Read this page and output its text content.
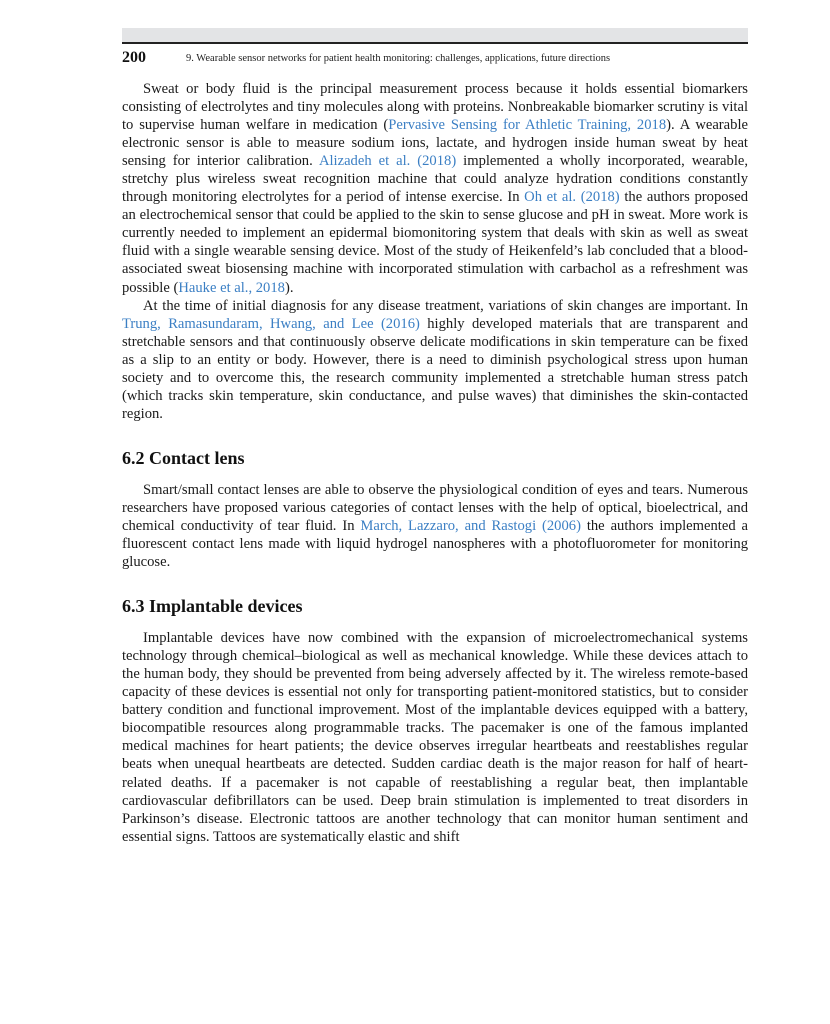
200	9. Wearable sensor networks for patient health monitoring: challenges, applications, future directions

Sweat or body fluid is the principal measurement process because it holds essential biomarkers consisting of electrolytes and tiny molecules along with proteins. Nonbreakable biomarker scrutiny is vital to supervise human welfare in medication (Pervasive Sensing for Athletic Training, 2018). A wearable electronic sensor is able to measure sodium ions, lactate, and hydrogen inside human sweat by heat sensing for interior calibration. Alizadeh et al. (2018) implemented a wholly incorporated, wearable, stretchy plus wireless sweat recognition machine that could analyze hydration conditions constantly through monitoring electrolytes for a period of intense exercise. In Oh et al. (2018) the authors proposed an electrochemical sensor that could be applied to the skin to sense glucose and pH in sweat. More work is currently needed to implement an epidermal biomonitoring system that deals with skin as well as sweat fluid with a single wearable sensing device. Most of the study of Heikenfeld’s lab concluded that a blood-associated sweat biosensing machine with incorporated stimulation with carbachol as a refreshment was possible (Hauke et al., 2018).

At the time of initial diagnosis for any disease treatment, variations of skin changes are important. In Trung, Ramasundaram, Hwang, and Lee (2016) highly developed materials that are transparent and stretchable sensors and that continuously observe delicate modifications in skin temperature can be fixed as a slip to an entity or body. However, there is a need to diminish psychological stress upon human society and to overcome this, the research community implemented a stretchable human stress patch (which tracks skin temperature, skin conductance, and pulse waves) that diminishes the skin-contacted region.

6.2 Contact lens

Smart/small contact lenses are able to observe the physiological condition of eyes and tears. Numerous researchers have proposed various categories of contact lenses with the help of optical, bioelectrical, and chemical conductivity of tear fluid. In March, Lazzaro, and Rastogi (2006) the authors implemented a fluorescent contact lens made with liquid hydrogel nanospheres with a photofluorometer for monitoring glucose.

6.3 Implantable devices

Implantable devices have now combined with the expansion of microelectromechanical systems technology through chemical–biological as well as mechanical knowledge. While these devices attach to the human body, they should be prevented from being adversely affected by it. The wireless remote-based capacity of these devices is essential not only for transporting patient-monitored statistics, but to consider battery condition and functional improvement. Most of the implantable devices equipped with a battery, biocompatible resources along programmable tracks. The pacemaker is one of the famous implanted medical machines for heart patients; the device observes irregular heartbeats and reestablishes regular beats when unequal heartbeats are detected. Sudden cardiac death is the major reason for half of heart-related deaths. If a pacemaker is not capable of reestablishing a regular beat, then implantable cardiovascular defibrillators can be used. Deep brain stimulation is implemented to treat disorders in Parkinson’s disease. Electronic tattoos are another technology that can monitor human sentiment and essential signs. Tattoos are systematically elastic and shift
